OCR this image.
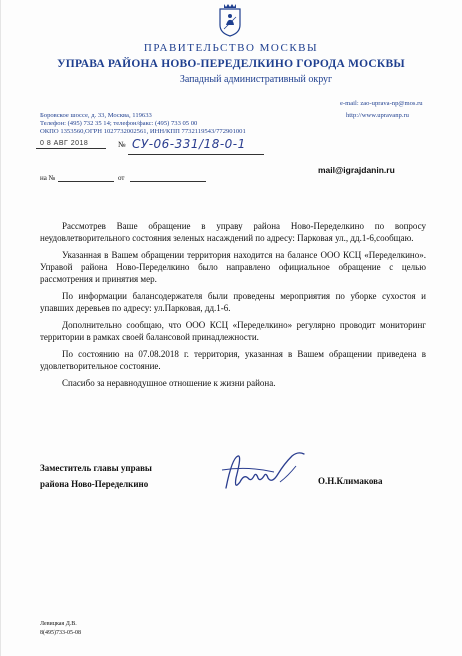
ПРАВИТЕЛЬСТВО МОСКВЫ
УПРАВА РАЙОНА НОВО-ПЕРЕДЕЛКИНО ГОРОДА МОСКВЫ
Западный административный округ
e-mail: zao-uprava-np@mos.ru
Боровское шоссе, д. 33, Москва, 119633	http://www.upravanp.ru
Телефон: (495) 732 35 14; телефон/факс: (495) 733 05 00
ОКПО 1353560,ОГРН 1027732002561, ИНН/КПП 7732119543/772901001
0 8 АВГ 2018	№ СУ-06-331/18-0-1
на №	от
mail@igrajdanin.ru

Рассмотрев Ваше обращение в управу района Ново-Переделкино по вопросу неудовлетворительного состояния зеленых насаждений по адресу: Парковая ул., дд.1-6,сообщаю.

Указанная в Вашем обращении территория находится на балансе ООО КСЦ «Переделкино». Управой района Ново-Переделкино было направлено официальное обращение с целью рассмотрения и принятия мер.

По информации балансодержателя были проведены мероприятия по уборке сухостоя и упавших деревьев по адресу: ул.Парковая, дд.1-6.

Дополнительно сообщаю, что ООО КСЦ «Переделкино» регулярно проводит мониторинг территории в рамках своей балансовой принадлежности.

По состоянию на 07.08.2018 г. территория, указанная в Вашем обращении приведена в удовлетворительное состояние.

Спасибо за неравнодушное отношение к жизни района.

Заместитель главы управы
района Ново-Переделкино	О.Н.Климакова
Левицкая Д.В.
8(495)733-05-08
